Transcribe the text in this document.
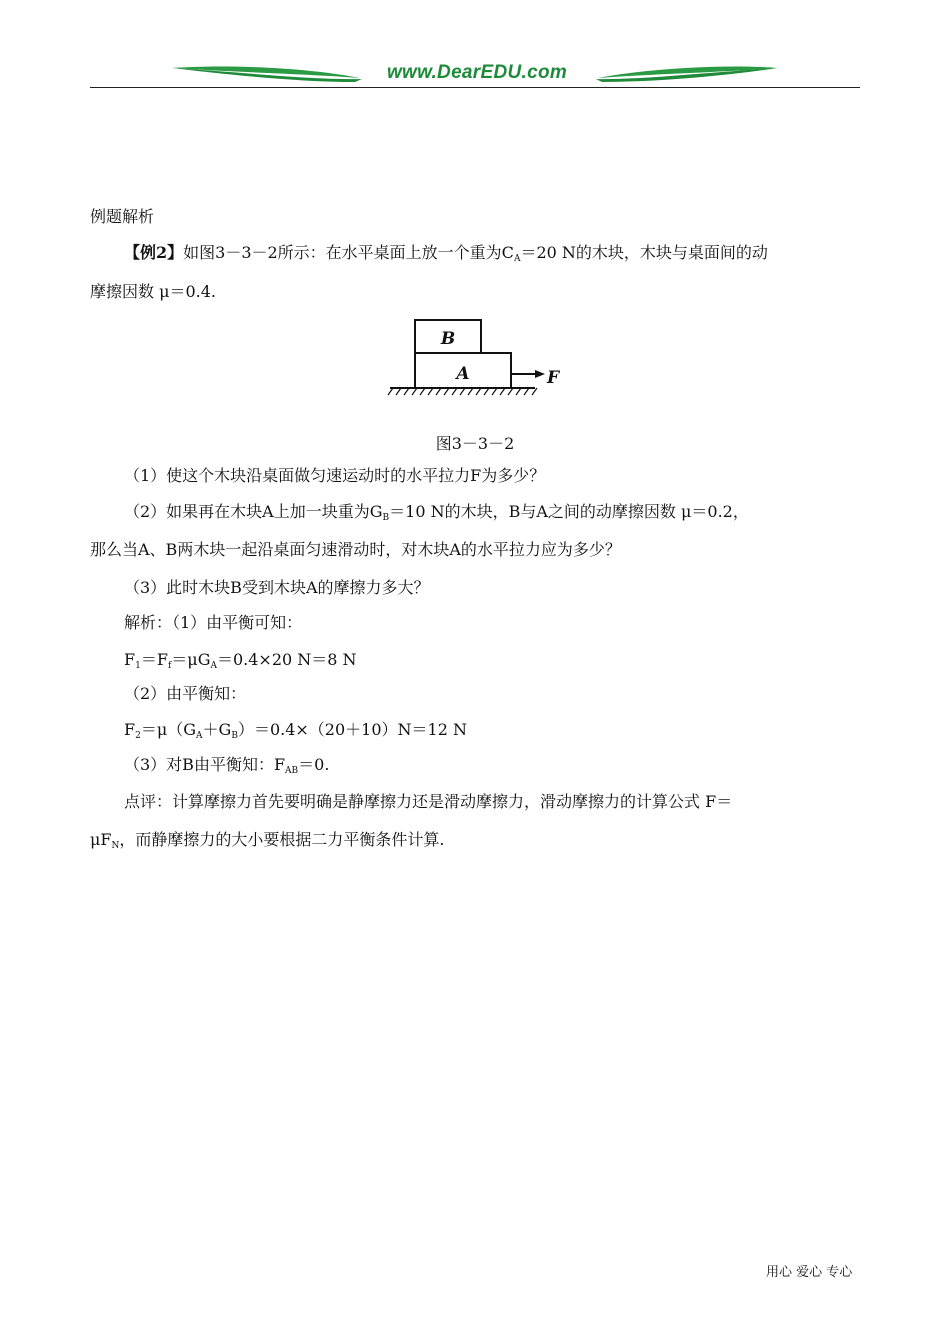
www.DearEDU.com
例题解析
【例2】如图3－3－2所示：在水平桌面上放一个重为$C_A=20$ N的木块，木块与桌面间的动
摩擦因数 μ＝0.4.
B
A	F
图3－3－2
（1）使这个木块沿桌面做匀速运动时的水平拉力F为多少？
（2）如果再在木块A上加一块重为$G_B=10$ N的木块，B与A之间的动摩擦因数 μ＝0.2，
那么当A、B两木块一起沿桌面匀速滑动时，对木块A的水平拉力应为多少？
（3）此时木块B受到木块A的摩擦力多大？
解析：（1）由平衡可知：
$F_1=F_f=\mu G_A=0.4\times 20$ N＝8 N
（2）由平衡知：
$F_2=\mu(G_A+G_B)=0.4\times(20+10)N=12$ N
（3）对B由平衡知：$F_{AB}=0$.
点评：计算摩擦力首先要明确是静摩擦力还是滑动摩擦力，滑动摩擦力的计算公式 F＝
$\mu F_N$，而静摩擦力的大小要根据二力平衡条件计算.
用心 爱心 专心
